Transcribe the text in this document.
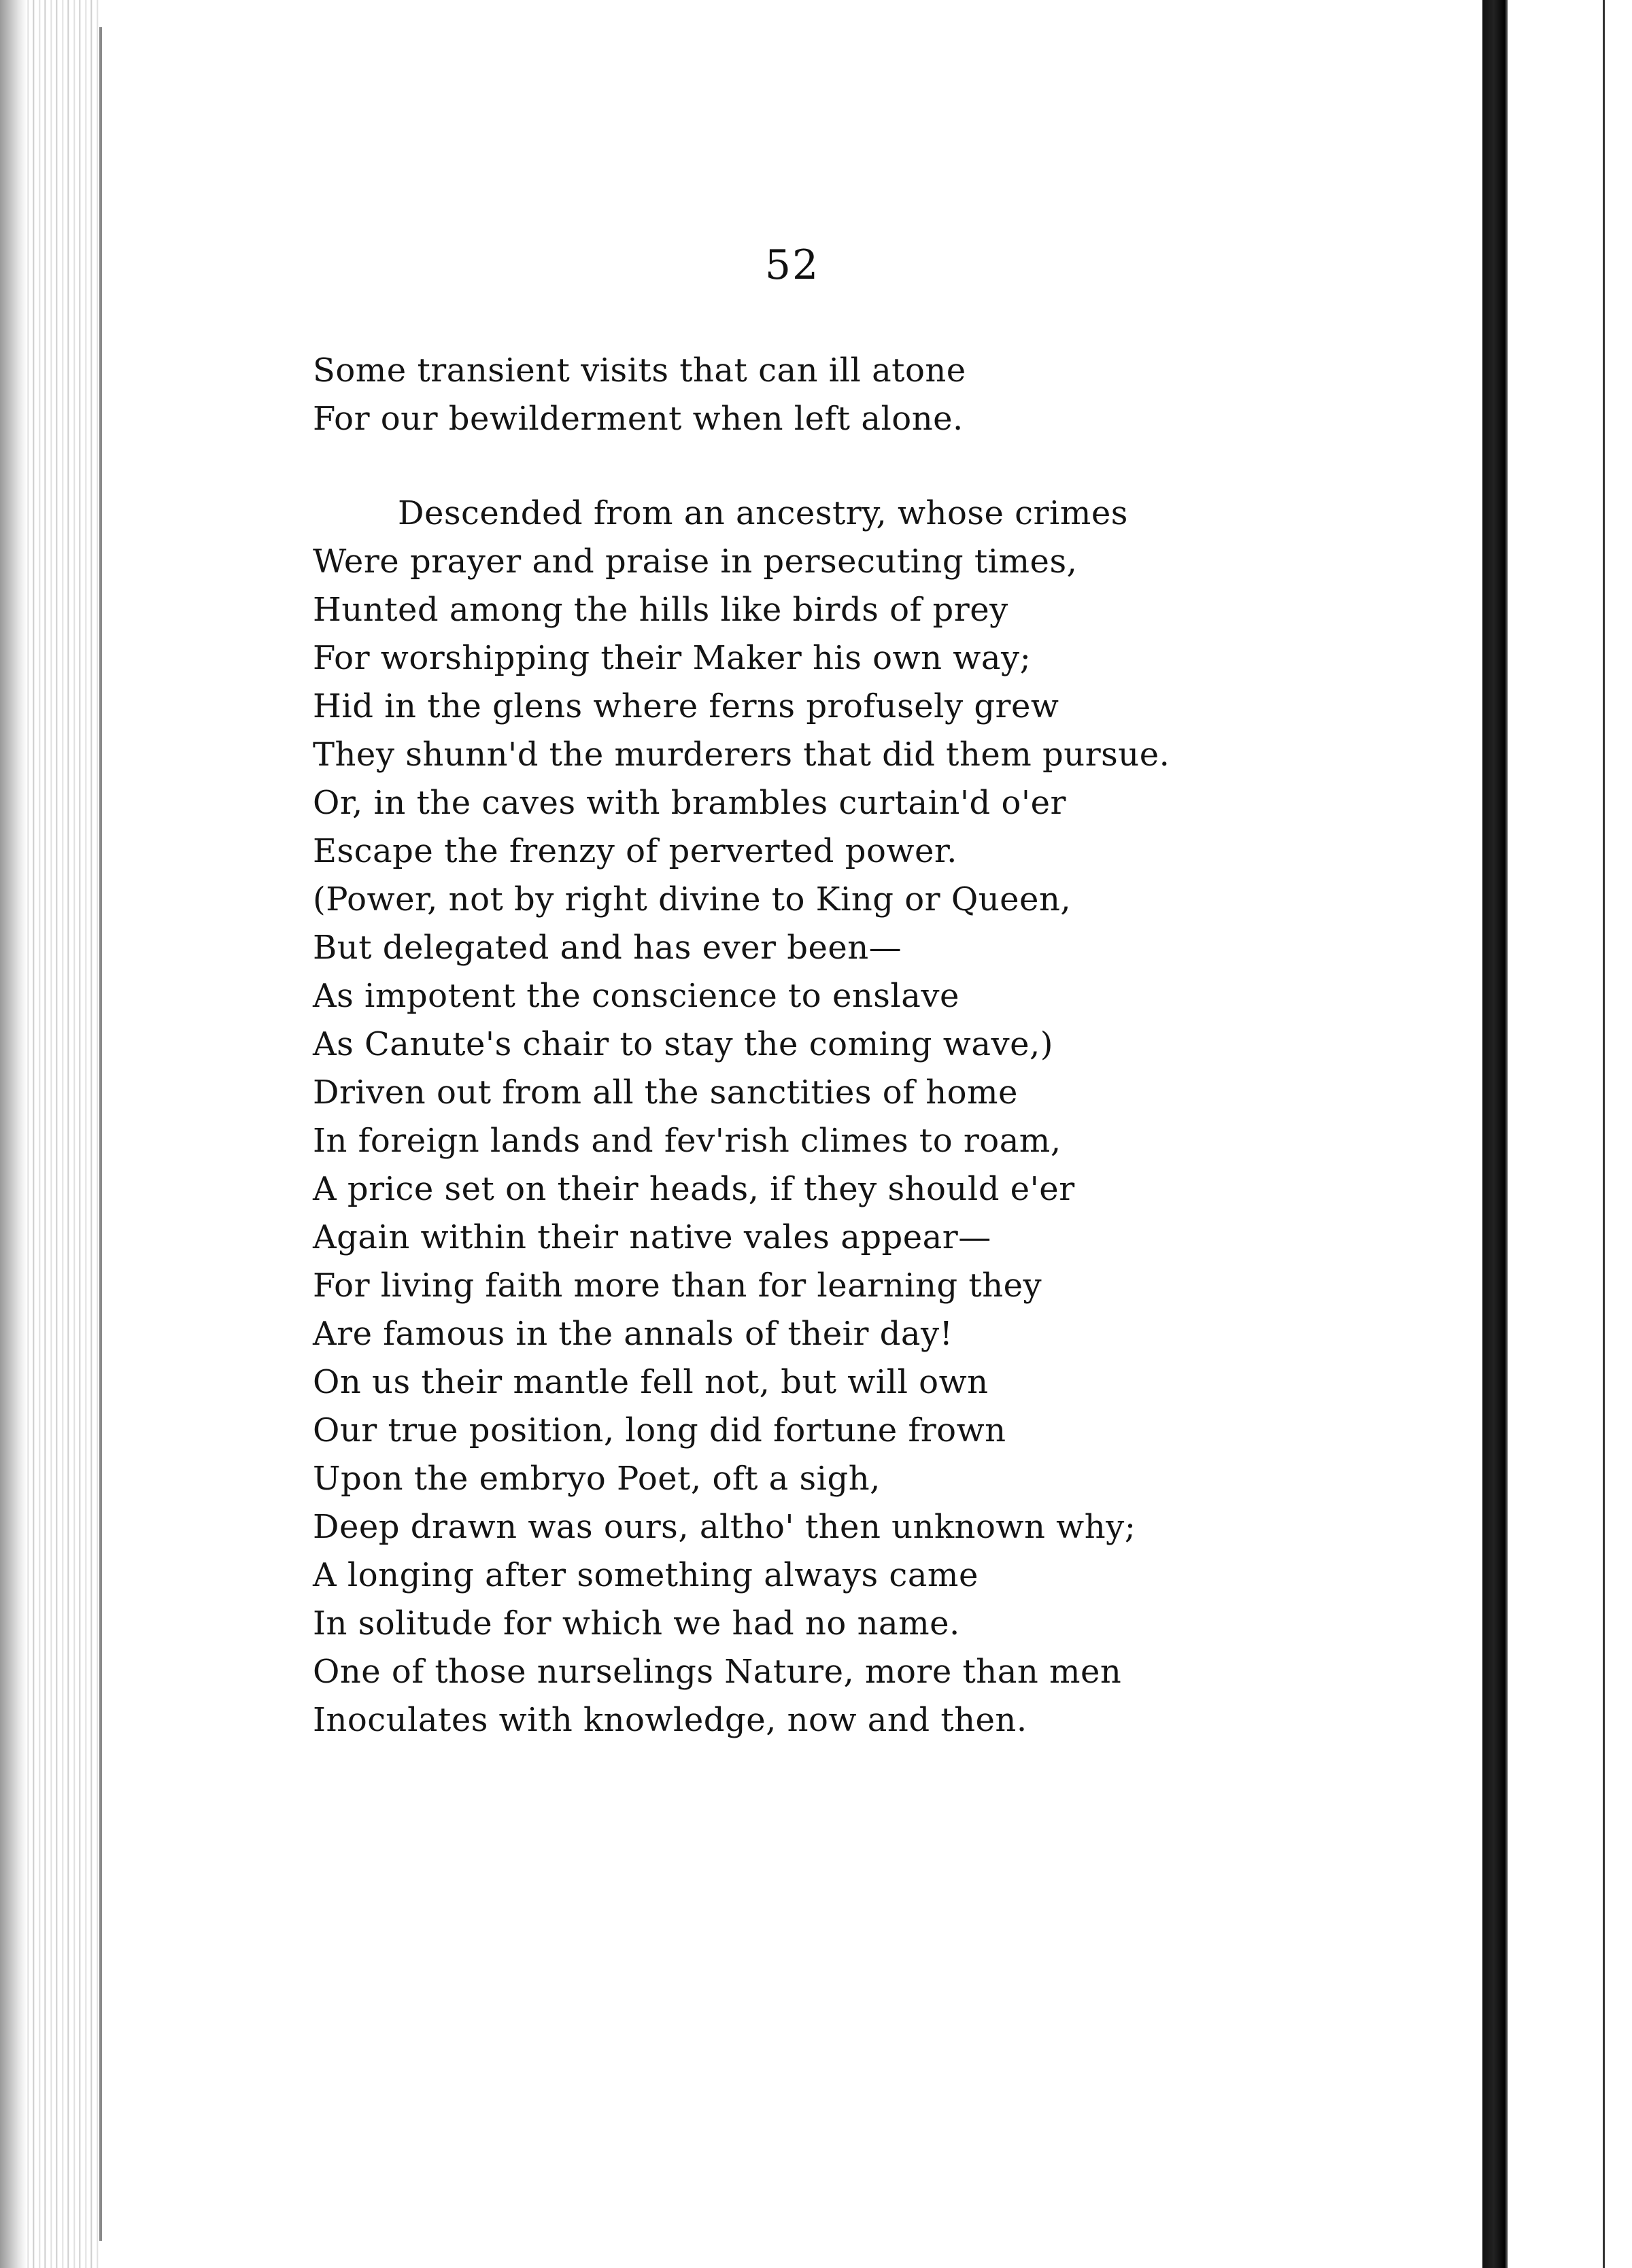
52
Some transient visits that can ill atone
For our bewilderment when left alone.
Descended from an ancestry, whose crimes
Were prayer and praise in persecuting times,
Hunted among the hills like birds of prey
For worshipping their Maker his own way;
Hid in the glens where ferns profusely grew
They shunn'd the murderers that did them pursue.
Or, in the caves with brambles curtain'd o'er
Escape the frenzy of perverted power.
(Power, not by right divine to King or Queen,
But delegated and has ever been—
As impotent the conscience to enslave
As Canute's chair to stay the coming wave,)
Driven out from all the sanctities of home
In foreign lands and fev'rish climes to roam,
A price set on their heads, if they should e'er
Again within their native vales appear—
For living faith more than for learning they
Are famous in the annals of their day!
On us their mantle fell not, but will own
Our true position, long did fortune frown
Upon the embryo Poet, oft a sigh,
Deep drawn was ours, altho' then unknown why;
A longing after something always came
In solitude for which we had no name.
One of those nurselings Nature, more than men
Inoculates with knowledge, now and then.
